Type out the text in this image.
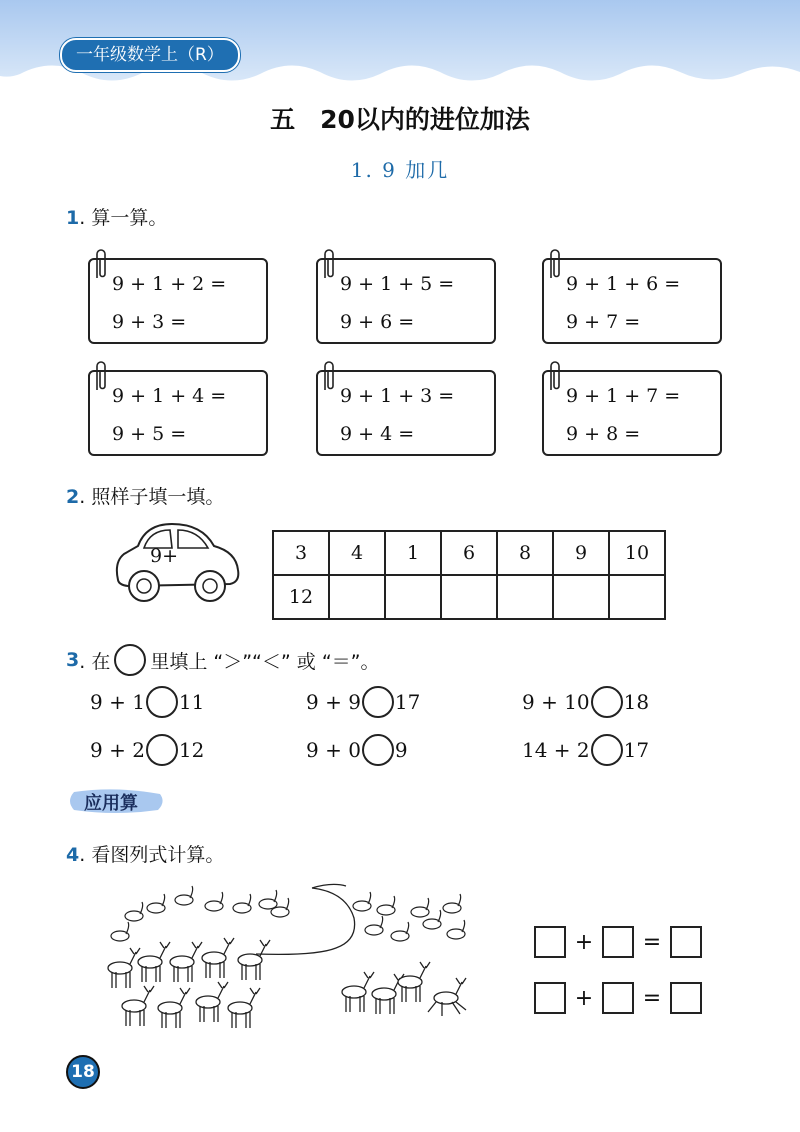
一年级数学上（R）
五　20以内的进位加法
1. 9 加几
1. 算一算。
9 + 1 + 2 =
9 + 3 =
9 + 1 + 5 =
9 + 6 =
9 + 1 + 6 =
9 + 7 =
9 + 1 + 4 =
9 + 5 =
9 + 1 + 3 =
9 + 4 =
9 + 1 + 7 =
9 + 8 =
2. 照样子填一填。
9+	3	4	1	6	8	9	10
12						
3 . 在 里填上 “＞”“＜” 或 “＝”。
9 + 1 11	9 + 9 17	9 + 10 18
9 + 2 12	9 + 0 9	14 + 2 17
应用算
4. 看图列式计算。
+	=
+	=
18
